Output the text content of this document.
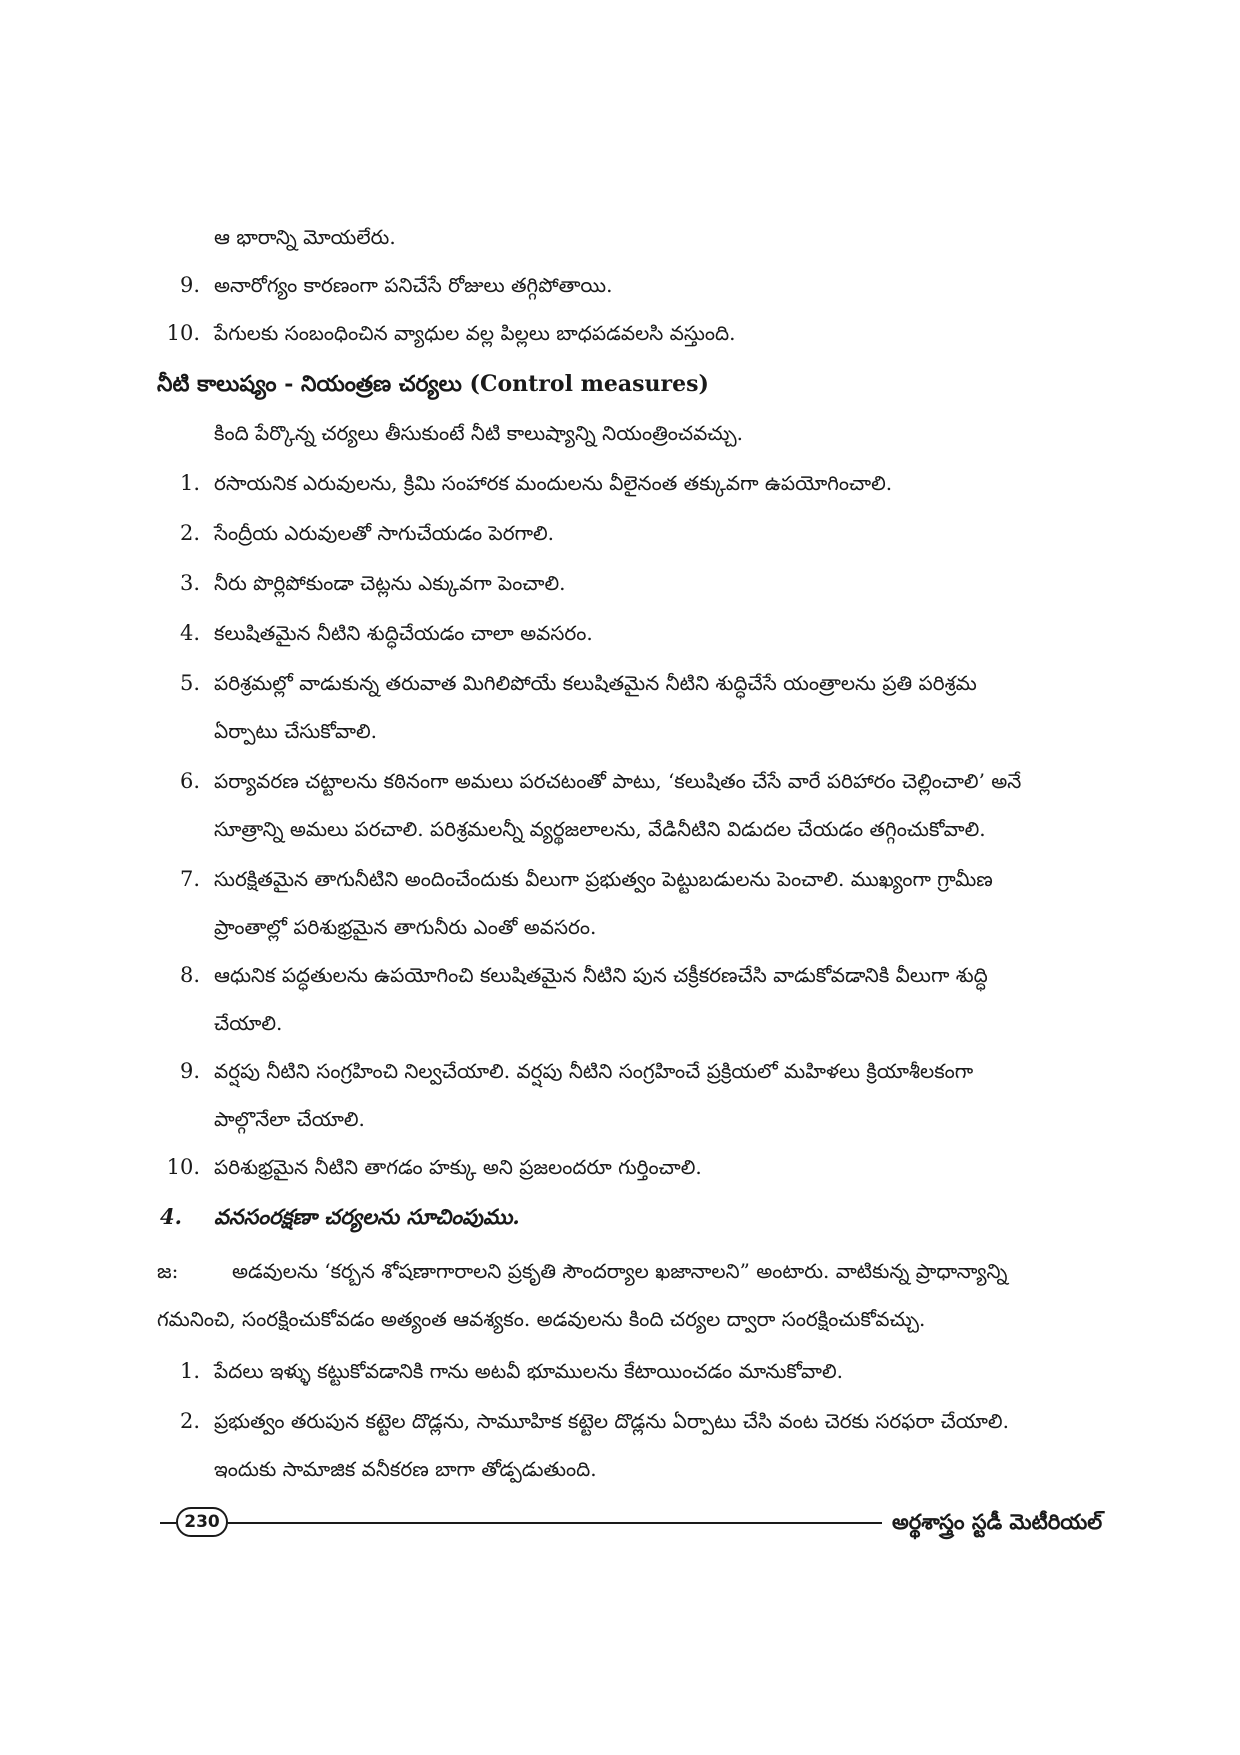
ఆ భారాన్ని మోయలేరు.
9. అనారోగ్యం కారణంగా పనిచేసే రోజులు తగ్గిపోతాయి.
10. పేగులకు సంబంధించిన వ్యాధుల వల్ల పిల్లలు బాధపడవలసి వస్తుంది.
నీటి కాలుష్యం - నియంత్రణ చర్యలు (Control measures)
కింది పేర్కొన్న చర్యలు తీసుకుంటే నీటి కాలుష్యాన్ని నియంత్రించవచ్చు.
1. రసాయనిక ఎరువులను, క్రిమి సంహారక మందులను వీలైనంత తక్కువగా ఉపయోగించాలి.
2. సేంద్రీయ ఎరువులతో సాగుచేయడం పెరగాలి.
3. నీరు పొర్లిపోకుండా చెట్లను ఎక్కువగా పెంచాలి.
4. కలుషితమైన నీటిని శుద్ధిచేయడం చాలా అవసరం.
5. పరిశ్రమల్లో వాడుకున్న తరువాత మిగిలిపోయే కలుషితమైన నీటిని శుద్ధిచేసే యంత్రాలను ప్రతి పరిశ్రమ
ఏర్పాటు చేసుకోవాలి.
6. పర్యావరణ చట్టాలను కఠినంగా అమలు పరచటంతో పాటు, ‘కలుషితం చేసే వారే పరిహారం చెల్లించాలి’ అనే
సూత్రాన్ని అమలు పరచాలి. పరిశ్రమలన్నీ వ్యర్థజలాలను, వేడినీటిని విడుదల చేయడం తగ్గించుకోవాలి.
7. సురక్షితమైన తాగునీటిని అందించేందుకు వీలుగా ప్రభుత్వం పెట్టుబడులను పెంచాలి. ముఖ్యంగా గ్రామీణ
ప్రాంతాల్లో పరిశుభ్రమైన తాగునీరు ఎంతో అవసరం.
8. ఆధునిక పద్ధతులను ఉపయోగించి కలుషితమైన నీటిని పున చక్రీకరణచేసి వాడుకోవడానికి వీలుగా శుద్ధి
చేయాలి.
9. వర్షపు నీటిని సంగ్రహించి నిల్వచేయాలి. వర్షపు నీటిని సంగ్రహించే ప్రక్రియలో మహిళలు క్రియాశీలకంగా
పాల్గొనేలా చేయాలి.
10. పరిశుభ్రమైన నీటిని తాగడం హక్కు అని ప్రజలందరూ గుర్తించాలి.
4. వనసంరక్షణా చర్యలను సూచింపుము.
జ:	అడవులను ‘కర్బన శోషణాగారాలని ప్రకృతి సౌందర్యాల ఖజానాలని” అంటారు. వాటికున్న ప్రాధాన్యాన్ని
గమనించి, సంరక్షించుకోవడం అత్యంత ఆవశ్యకం. అడవులను కింది చర్యల ద్వారా సంరక్షించుకోవచ్చు.
1. పేదలు ఇళ్ళు కట్టుకోవడానికి గాను అటవీ భూములను కేటాయించడం మానుకోవాలి.
2. ప్రభుత్వం తరుపున కట్టెల దొడ్లను, సామూహిక కట్టెల దొడ్లను ఏర్పాటు చేసి వంట చెరకు సరఫరా చేయాలి.
ఇందుకు సామాజిక వనీకరణ బాగా తోడ్పడుతుంది.
230	అర్థశాస్త్రం స్టడీ మెటీరియల్
